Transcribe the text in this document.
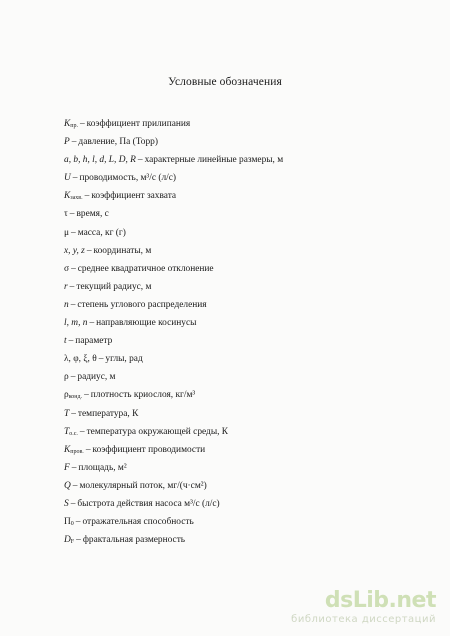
Условные обозначения
Kпр. – коэффициент прилипания
P – давление, Па (Торр)
a, b, h, l, d, L, D, R – характерные линейные размеры, м
U – проводимость, м³/с (л/с)
Kзахв. – коэффициент захвата
τ – время, с
μ – масса, кг (г)
x, y, z – координаты, м
σ – среднее квадратичное отклонение
r – текущий радиус, м
n – степень углового распределения
l, m, n – направляющие косинусы
t – параметр
λ, φ, ξ, θ – углы, рад
ρ – радиус, м
ρконд. – плотность криослоя, кг/м³
T – температура, К
Tо.с. – температура окружающей среды, К
Kпров. – коэффициент проводимости
F – площадь, м²
Q – молекулярный поток, мг/(ч·см²)
S – быстрота действия насоса м³/с (л/с)
П0 – отражательная способность
DF – фрактальная размерность
dsLib.net
библиотека диссертаций
